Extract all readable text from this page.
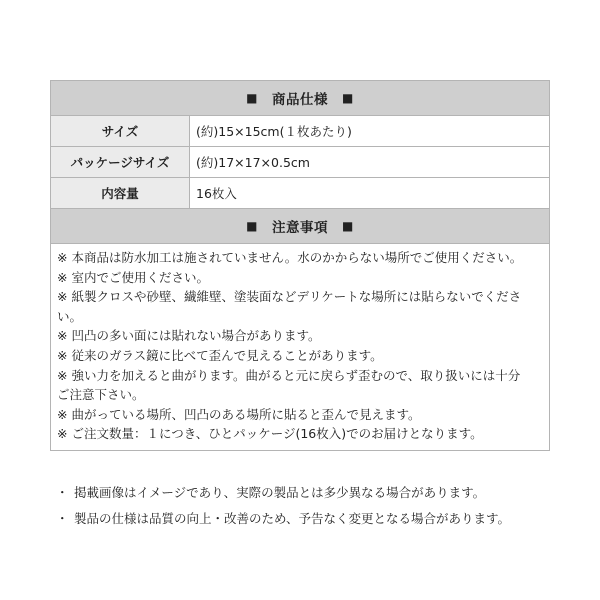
■ 商品仕様 ■
サイズ	(約)15×15cm(１枚あたり)
パッケージサイズ	(約)17×17×0.5cm
内容量	16枚入
■ 注意事項 ■
※ 本商品は防水加工は施されていません。水のかからない場所でご使用ください。
※ 室内でご使用ください。
※ 紙製クロスや砂壁、繊維壁、塗装面などデリケートな場所には貼らないでくださ
い。
※ 凹凸の多い面には貼れない場合があります。
※ 従来のガラス鏡に比べて歪んで見えることがあります。
※ 強い力を加えると曲がります。曲がると元に戻らず歪むので、取り扱いには十分
ご注意下さい。
※ 曲がっている場所、凹凸のある場所に貼ると歪んで見えます。
※ ご注文数量：１につき、ひとパッケージ(16枚入)でのお届けとなります。
・ 掲載画像はイメージであり、実際の製品とは多少異なる場合があります。
・ 製品の仕様は品質の向上・改善のため、予告なく変更となる場合があります。
